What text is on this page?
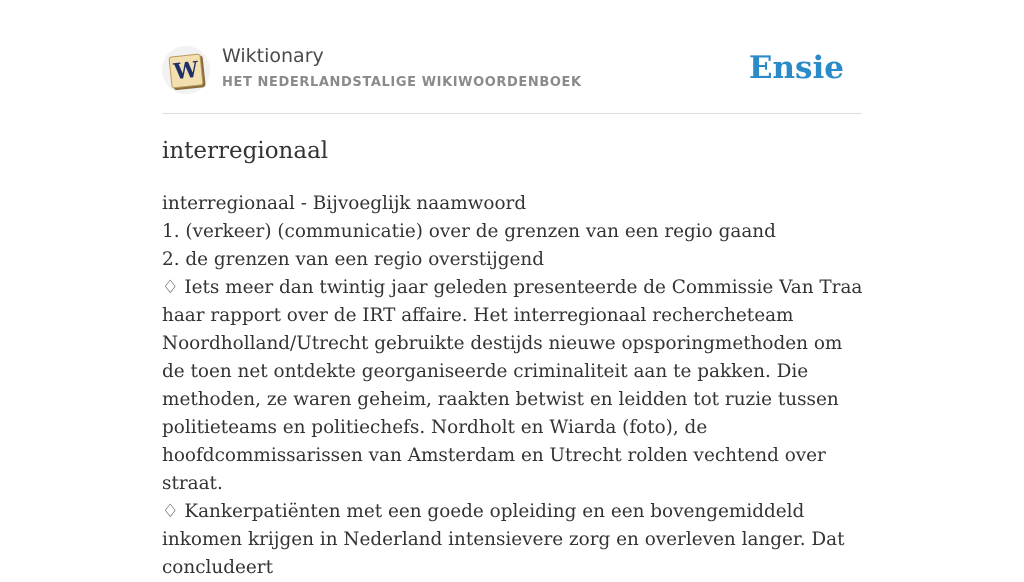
W
Wiktionary
HET NEDERLANDSTALIGE WIKIWOORDENBOEK	Ensie
interregionaal

interregionaal - Bijvoeglijk naamwoord

1. (verkeer) (communicatie) over de grenzen van een regio gaand

2. de grenzen van een regio overstijgend

♢ Iets meer dan twintig jaar geleden presenteerde de Commissie Van Traa haar rapport over de IRT affaire. Het interregionaal rechercheteam Noordholland/Utrecht gebruikte destijds nieuwe opsporingmethoden om de toen net ontdekte georganiseerde criminaliteit aan te pakken. Die methoden, ze waren geheim, raakten betwist en leidden tot ruzie tussen politieteams en politiechefs. Nordholt en Wiarda (foto), de hoofdcommissarissen van Amsterdam en Utrecht rolden vechtend over straat.

♢ Kankerpatiënten met een goede opleiding en een bovengemiddeld inkomen krijgen in Nederland intensievere zorg en overleven langer. Dat concludeert
